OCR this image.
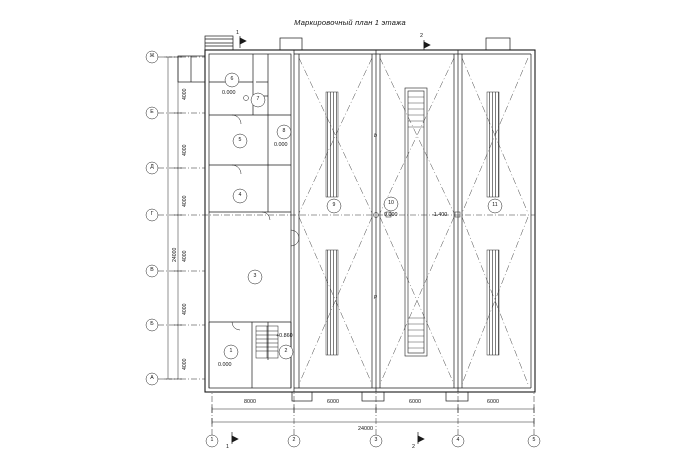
Маркировочный план 1 этажа
Ж
Е
Д
Г
В
Б
А
1	2	3	4	5
1	2
3
4
5
6
7
8
9	10	11
0.000
0.000
0.000
0.000
+0.860
-1.400
b
p
1	2
1	2
8000	6000	6000	6000
24000
4000
4000
4000
4000
4000
4000
24000
